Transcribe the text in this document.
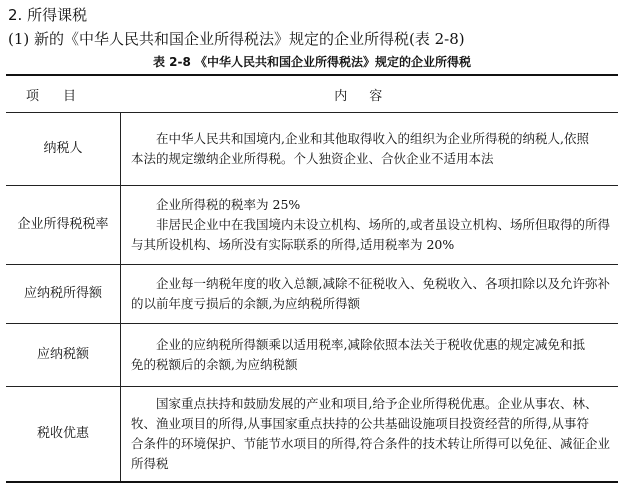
2. 所得课税
(1) 新的《中华人民共和国企业所得税法》规定的企业所得税(表 2-8)
表 2-8 《中华人民共和国企业所得税法》规定的企业所得税
项目	内容
纳税人	在中华人民共和国境内,企业和其他取得收入的组织为企业所得税的纳税人,依照
本法的规定缴纳企业所得税。个人独资企业、合伙企业不适用本法

企业所得税税率	企业所得税的税率为 25%
非居民企业中在我国境内未设立机构、场所的,或者虽设立机构、场所但取得的所得
与其所设机构、场所没有实际联系的所得,适用税率为 20%

应纳税所得额	企业每一纳税年度的收入总额,减除不征税收入、免税收入、各项扣除以及允许弥补
的以前年度亏损后的余额,为应纳税所得额

应纳税额	企业的应纳税所得额乘以适用税率,减除依照本法关于税收优惠的规定减免和抵
免的税额后的余额,为应纳税额

税收优惠	国家重点扶持和鼓励发展的产业和项目,给予企业所得税优惠。企业从事农、林、
牧、渔业项目的所得,从事国家重点扶持的公共基础设施项目投资经营的所得,从事符
合条件的环境保护、节能节水项目的所得,符合条件的技术转让所得可以免征、减征企业
所得税
